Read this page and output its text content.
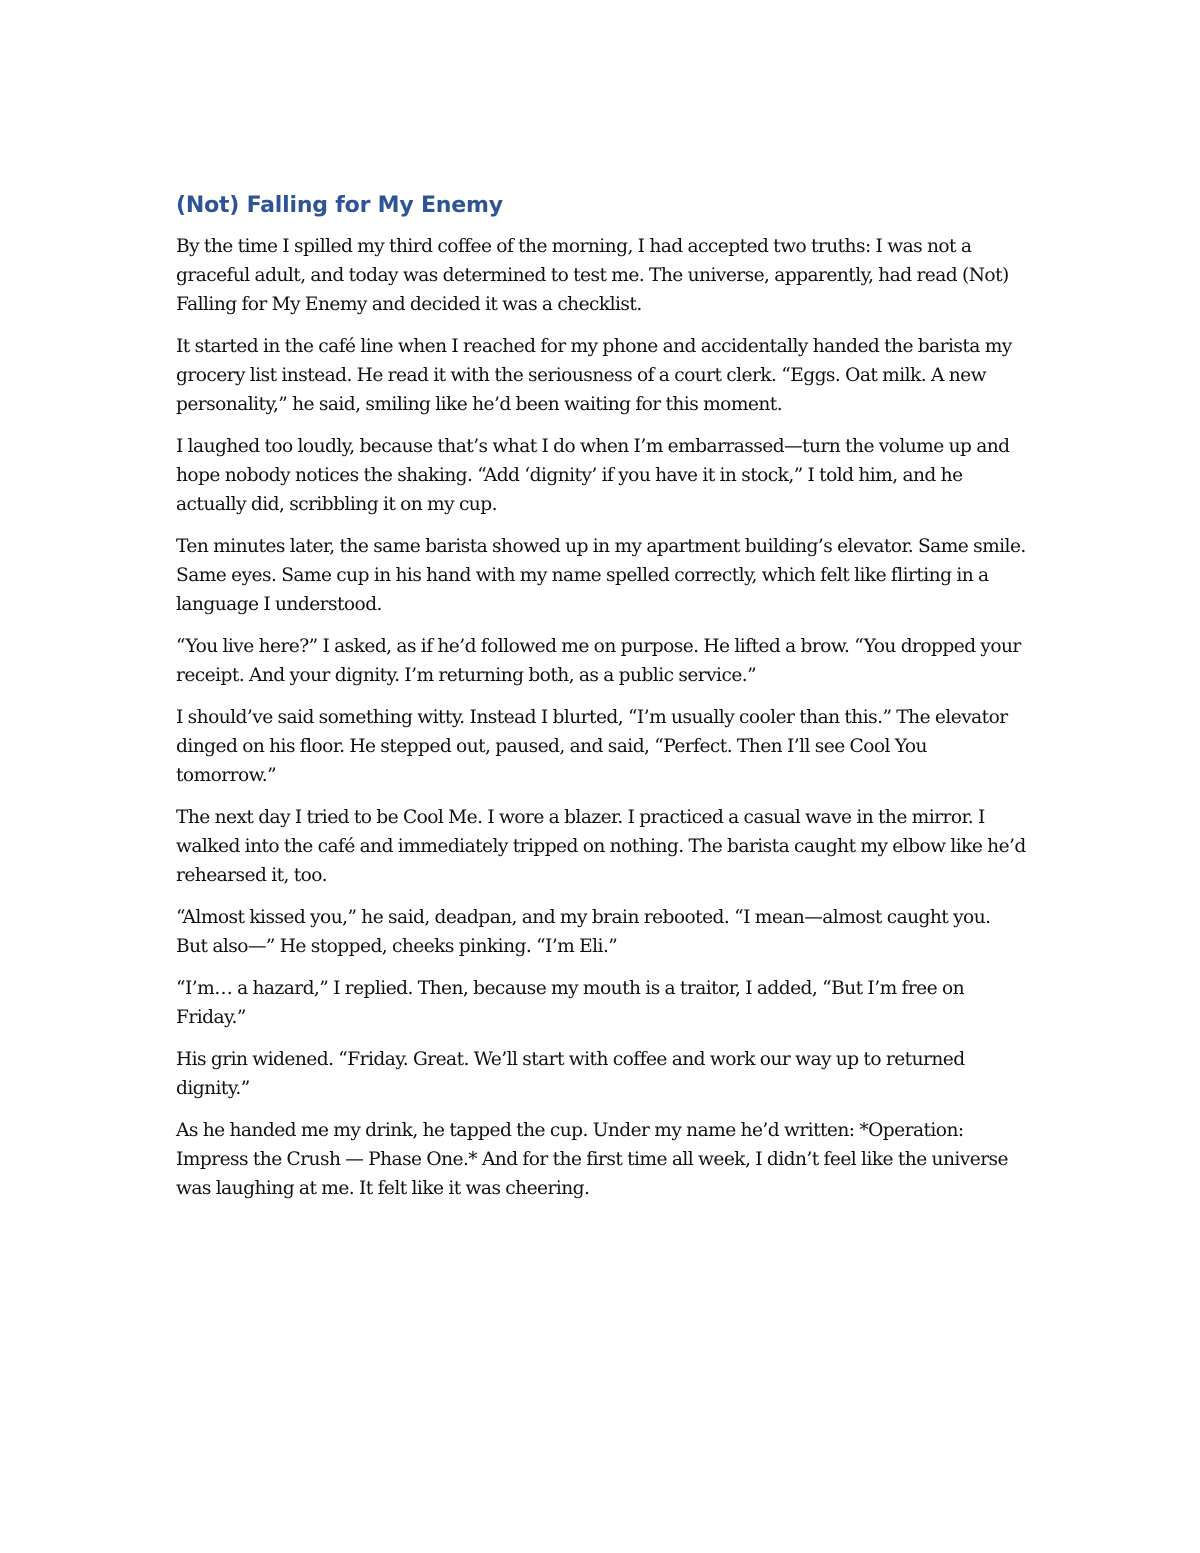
(Not) Falling for My Enemy

By the time I spilled my third coffee of the morning, I had accepted two truths: I was not a graceful adult, and today was determined to test me. The universe, apparently, had read (Not) Falling for My Enemy and decided it was a checklist.

It started in the café line when I reached for my phone and accidentally handed the barista my grocery list instead. He read it with the seriousness of a court clerk. “Eggs. Oat milk. A new personality,” he said, smiling like he’d been waiting for this moment.

I laughed too loudly, because that’s what I do when I’m embarrassed—turn the volume up and hope nobody notices the shaking. “Add ‘dignity’ if you have it in stock,” I told him, and he actually did, scribbling it on my cup.

Ten minutes later, the same barista showed up in my apartment building’s elevator. Same smile. Same eyes. Same cup in his hand with my name spelled correctly, which felt like flirting in a language I understood.

“You live here?” I asked, as if he’d followed me on purpose. He lifted a brow. “You dropped your receipt. And your dignity. I’m returning both, as a public service.”

I should’ve said something witty. Instead I blurted, “I’m usually cooler than this.” The elevator dinged on his floor. He stepped out, paused, and said, “Perfect. Then I’ll see Cool You tomorrow.”

The next day I tried to be Cool Me. I wore a blazer. I practiced a casual wave in the mirror. I walked into the café and immediately tripped on nothing. The barista caught my elbow like he’d rehearsed it, too.

“Almost kissed you,” he said, deadpan, and my brain rebooted. “I mean—almost caught you. But also—” He stopped, cheeks pinking. “I’m Eli.”

“I’m… a hazard,” I replied. Then, because my mouth is a traitor, I added, “But I’m free on Friday.”

His grin widened. “Friday. Great. We’ll start with coffee and work our way up to returned dignity.”

As he handed me my drink, he tapped the cup. Under my name he’d written: *Operation: Impress the Crush — Phase One.* And for the first time all week, I didn’t feel like the universe was laughing at me. It felt like it was cheering.
